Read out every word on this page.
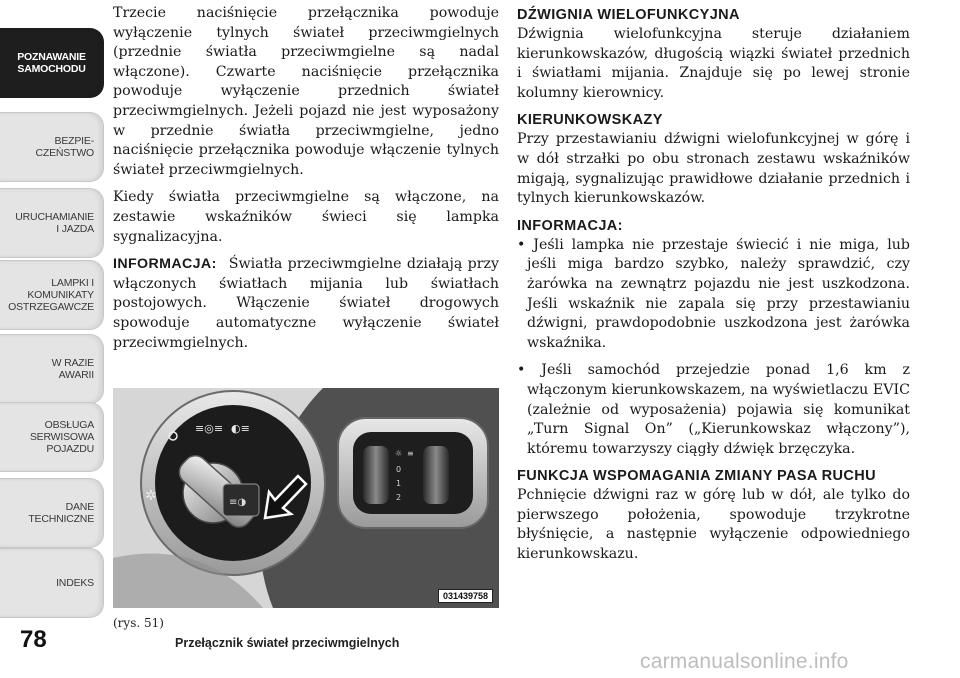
POZNAWANIE
SAMOCHODU
BEZPIE-
CZEŃSTWO
URUCHAMIANIE
I JAZDA
LAMPKI I
KOMUNIKATY
OSTRZEGAWCZE
W RAZIE
AWARII
OBSŁUGA
SERWISOWA
POJAZDU
DANE
TECHNICZNE
INDEKS
78

Trzecie naciśnięcie przełącznika powoduje wyłączenie tylnych świateł przeciwmgielnych (przednie światła przeciwmgielne są nadal włączone). Czwarte naciśnięcie przełącznika powoduje wyłączenie przednich świateł przeciwmgielnych. Jeżeli pojazd nie jest wyposażony w przednie światła przeciwmgielne, jedno naciśnięcie przełącznika powoduje włączenie tylnych świateł przeciwmgielnych.

Kiedy światła przeciwmgielne są włączone, na zestawie wskaźników świeci się lampka sygnalizacyjna.

INFORMACJA: Światła przeciwmgielne działają przy włączonych światłach mijania lub światłach postojowych. Włączenie świateł drogowych spowoduje automatyczne wyłączenie świateł przeciwmgielnych.

≡◎≡ ◐≡
✲	≡◑
☼ ≡
0
1
2
031439758
(rys. 51)
Przełącznik świateł przeciwmgielnych
DŹWIGNIA WIELOFUNKCYJNA

Dźwignia wielofunkcyjna steruje działaniem kierunkowskazów, długością wiązki świateł przednich i światłami mijania. Znajduje się po lewej stronie kolumny kierownicy.

KIERUNKOWSKAZY

Przy przestawianiu dźwigni wielofunkcyjnej w górę i w dół strzałki po obu stronach zestawu wskaźników migają, sygnalizując prawidłowe działanie przednich i tylnych kierunkowskazów.

INFORMACJA:
• Jeśli lampka nie przestaje świecić i nie miga, lub jeśli miga bardzo szybko, należy sprawdzić, czy żarówka na zewnątrz pojazdu nie jest uszkodzona. Jeśli wskaźnik nie zapala się przy przestawianiu dźwigni, prawdopodobnie uszkodzona jest żarówka wskaźnika.
• Jeśli samochód przejedzie ponad 1,6 km z włączonym kierunkowskazem, na wyświetlaczu EVIC (zależnie od wyposażenia) pojawia się komunikat „Turn Signal On” („Kierunkowskaz włączony”), któremu towarzyszy ciągły dźwięk brzęczyka.
FUNKCJA WSPOMAGANIA ZMIANY PASA RUCHU

Pchnięcie dźwigni raz w górę lub w dół, ale tylko do pierwszego położenia, spowoduje trzykrotne błyśnięcie, a następnie wyłączenie odpowiedniego kierunkowskazu.

carmanualsonline.info
